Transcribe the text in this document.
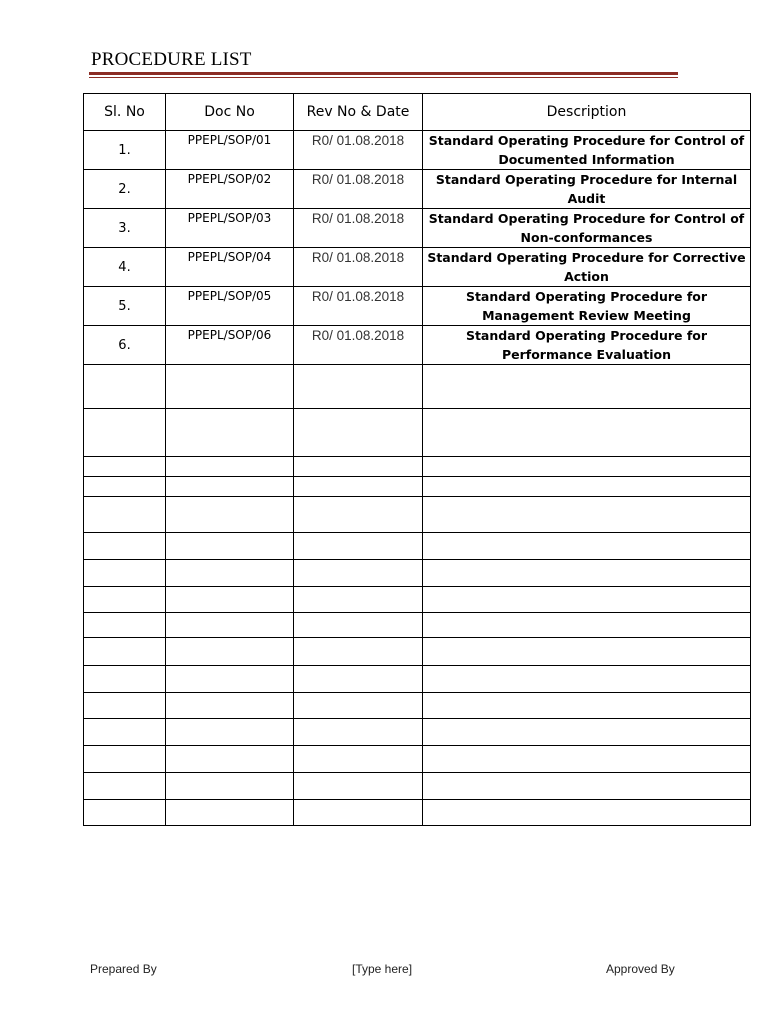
PROCEDURE LIST
Sl. No	Doc No	Rev No & Date	Description
1.	PPEPL/SOP/01	R0/ 01.08.2018	Standard Operating Procedure for Control of Documented Information
2.	PPEPL/SOP/02	R0/ 01.08.2018	Standard Operating Procedure for Internal Audit
3.	PPEPL/SOP/03	R0/ 01.08.2018	Standard Operating Procedure for Control of Non-conformances
4.	PPEPL/SOP/04	R0/ 01.08.2018	Standard Operating Procedure for Corrective Action
5.	PPEPL/SOP/05	R0/ 01.08.2018	Standard Operating Procedure for Management Review Meeting
6.	PPEPL/SOP/06	R0/ 01.08.2018	Standard Operating Procedure for Performance Evaluation

Prepared By	[Type here]	Approved By
